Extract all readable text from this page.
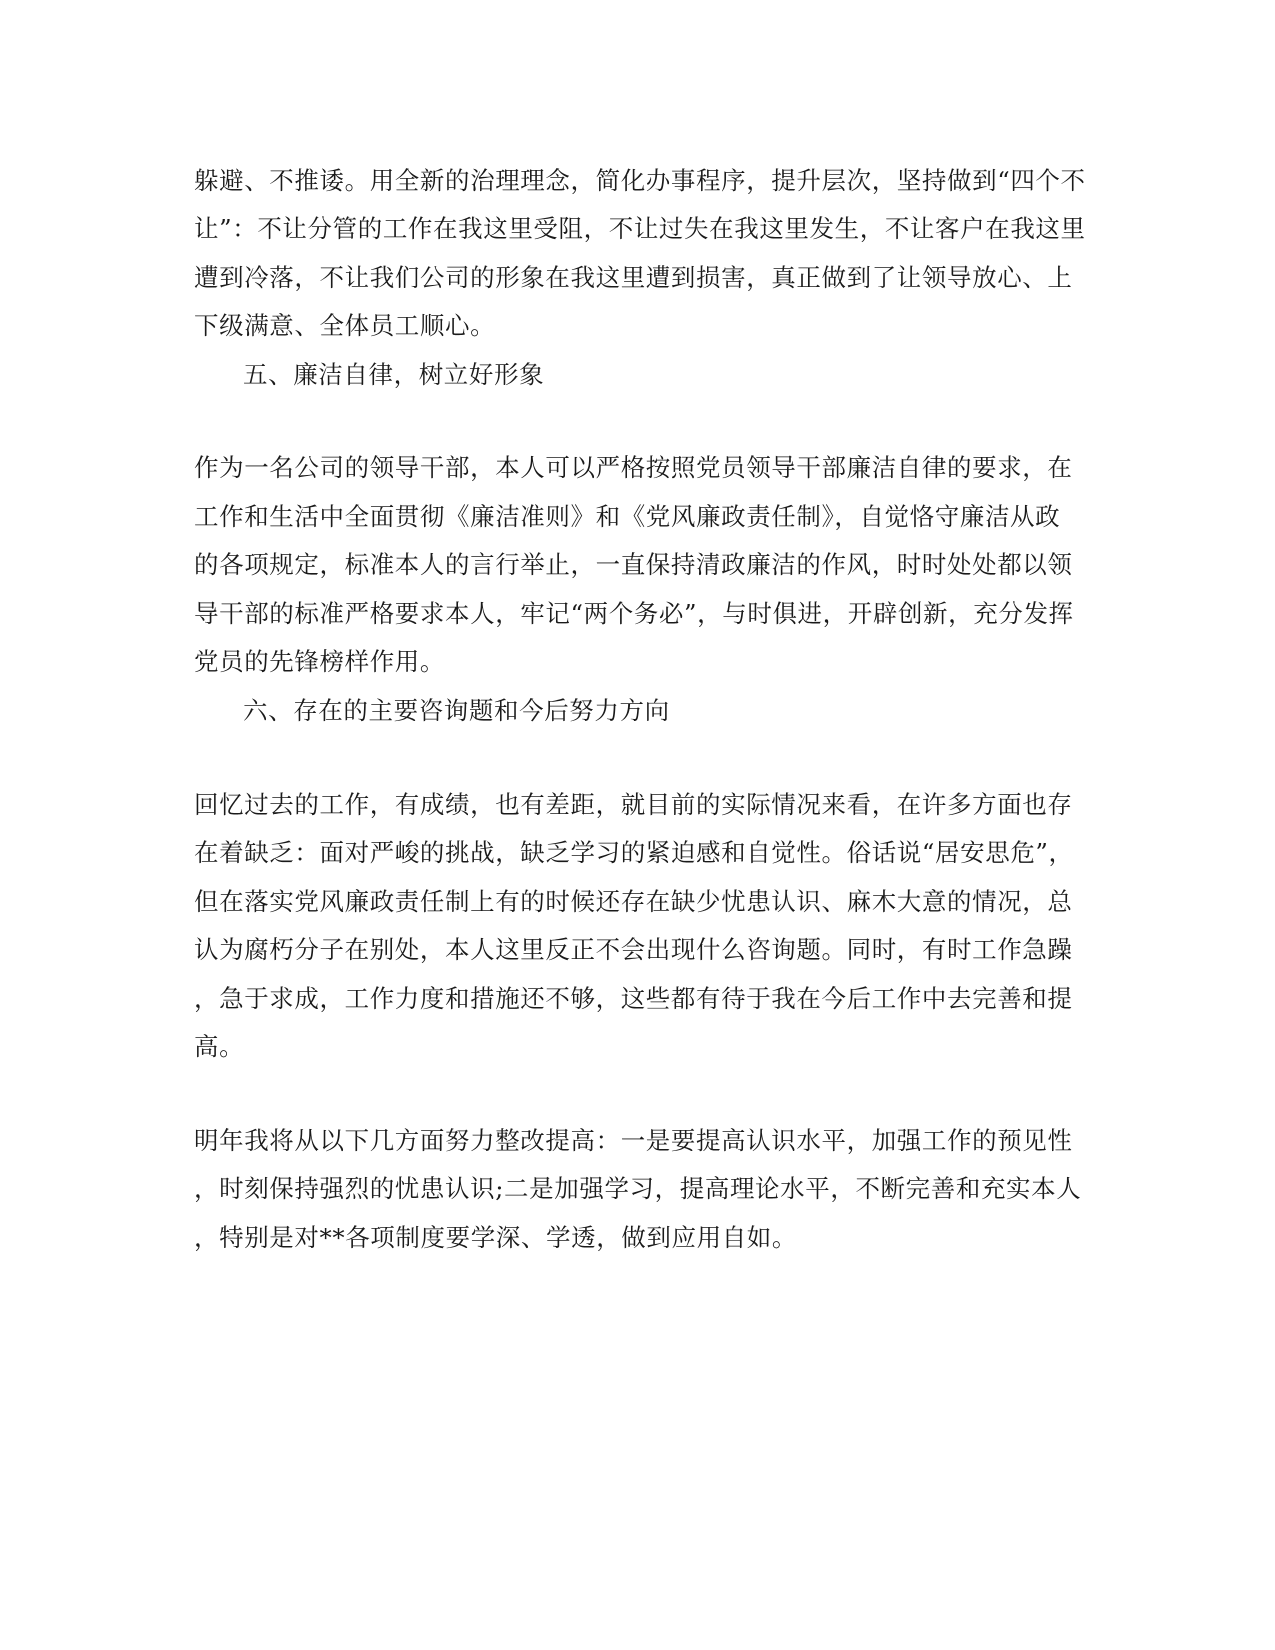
躲避、不推诿。用全新的治理理念，简化办事程序，提升层次，坚持做到“四个不
让”：不让分管的工作在我这里受阻，不让过失在我这里发生，不让客户在我这里
遭到冷落，不让我们公司的形象在我这里遭到损害，真正做到了让领导放心、上
下级满意、全体员工顺心。
五、廉洁自律，树立好形象
作为一名公司的领导干部，本人可以严格按照党员领导干部廉洁自律的要求，在
工作和生活中全面贯彻《廉洁准则》和《党风廉政责任制》，自觉恪守廉洁从政
的各项规定，标准本人的言行举止，一直保持清政廉洁的作风，时时处处都以领
导干部的标准严格要求本人，牢记“两个务必”，与时俱进，开辟创新，充分发挥
党员的先锋榜样作用。
六、存在的主要咨询题和今后努力方向
回忆过去的工作，有成绩，也有差距，就目前的实际情况来看，在许多方面也存
在着缺乏：面对严峻的挑战，缺乏学习的紧迫感和自觉性。俗话说“居安思危”，
但在落实党风廉政责任制上有的时候还存在缺少忧患认识、麻木大意的情况，总
认为腐朽分子在别处，本人这里反正不会出现什么咨询题。同时，有时工作急躁
，急于求成，工作力度和措施还不够，这些都有待于我在今后工作中去完善和提
高。
明年我将从以下几方面努力整改提高：一是要提高认识水平，加强工作的预见性
，时刻保持强烈的忧患认识;二是加强学习，提高理论水平，不断完善和充实本人
，特别是对**各项制度要学深、学透，做到应用自如。
